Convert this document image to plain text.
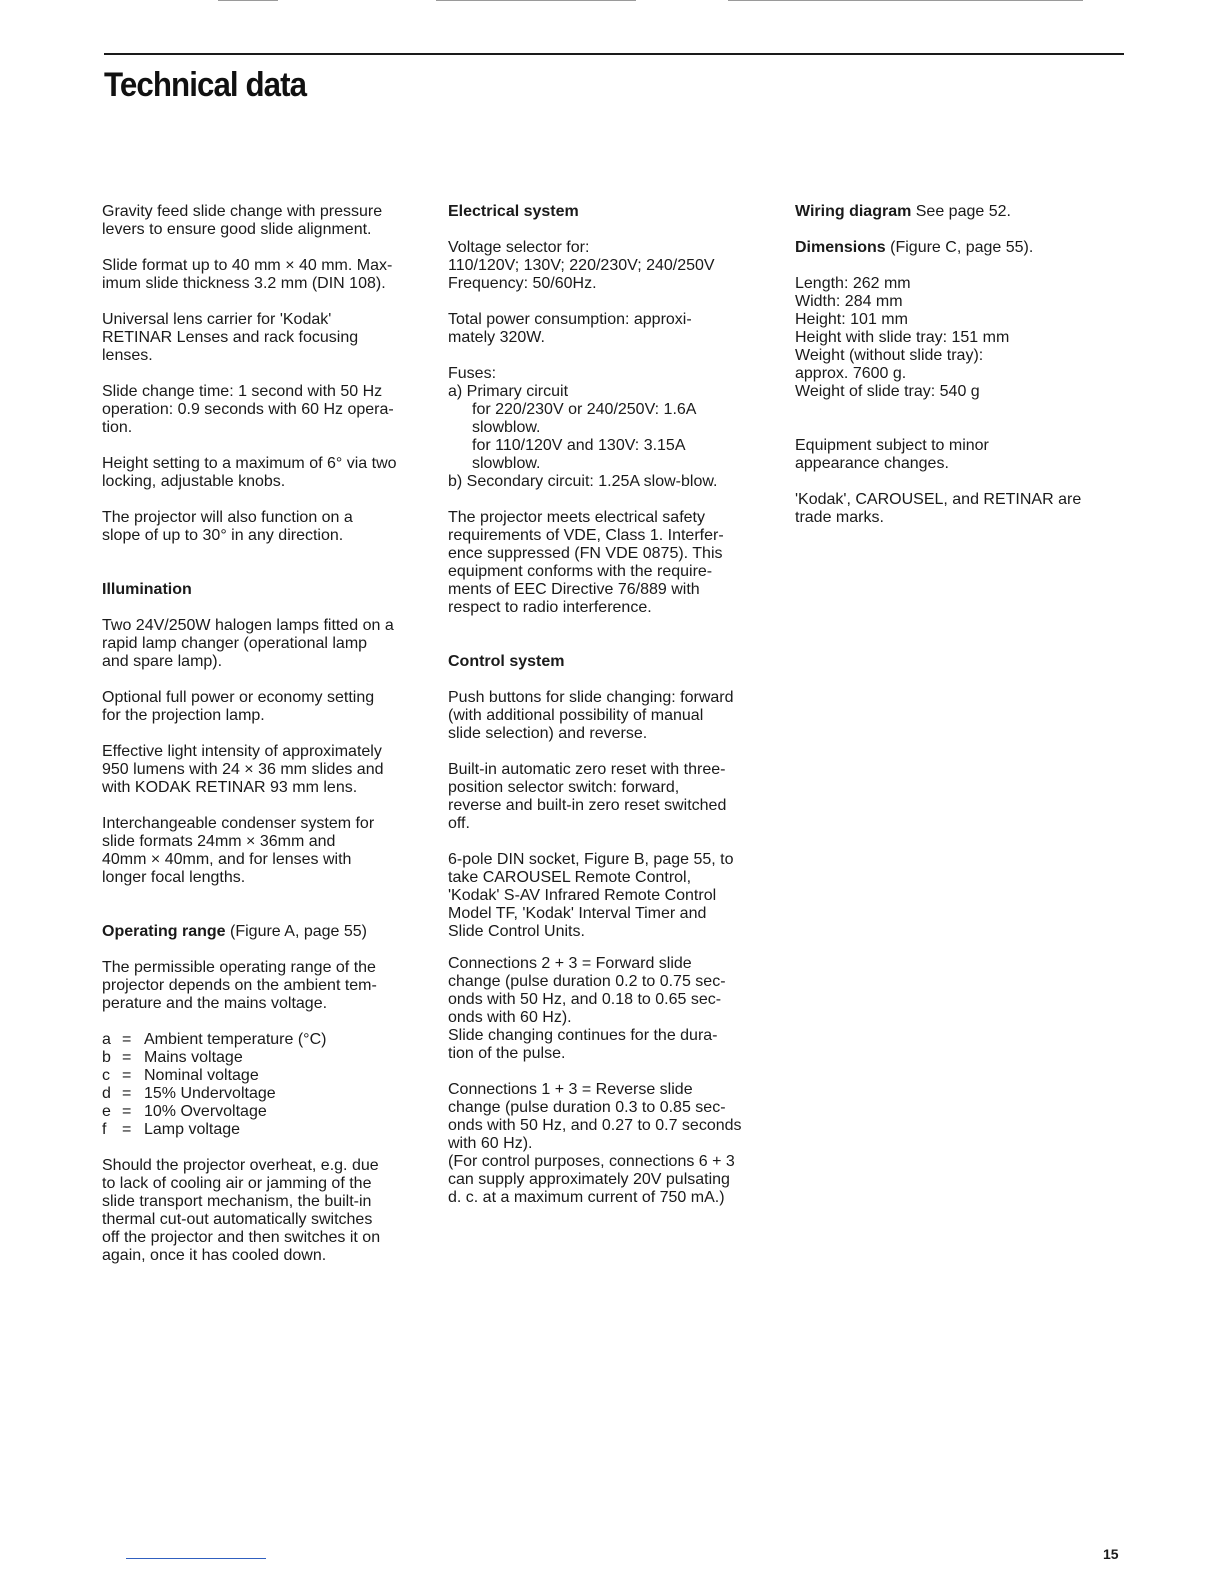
Technical data

Gravity feed slide change with pressure
levers to ensure good slide alignment.

Slide format up to 40 mm × 40 mm. Max-
imum slide thickness 3.2 mm (DIN 108).

Universal lens carrier for 'Kodak'
RETINAR Lenses and rack focusing
lenses.

Slide change time: 1 second with 50 Hz
operation: 0.9 seconds with 60 Hz opera-
tion.

Height setting to a maximum of 6° via two
locking, adjustable knobs.

The projector will also function on a
slope of up to 30° in any direction.

Illumination

Two 24V/250W halogen lamps fitted on a
rapid lamp changer (operational lamp
and spare lamp).

Optional full power or economy setting
for the projection lamp.

Effective light intensity of approximately
950 lumens with 24 × 36 mm slides and
with KODAK RETINAR 93 mm lens.

Interchangeable condenser system for
slide formats 24mm × 36mm and
40mm × 40mm, and for lenses with
longer focal lengths.

Operating range (Figure A, page 55)

The permissible operating range of the
projector depends on the ambient tem-
perature and the mains voltage.

a = Ambient temperature (°C)
b = Mains voltage
c = Nominal voltage
d = 15% Undervoltage
e = 10% Overvoltage
f = Lamp voltage

Should the projector overheat, e.g. due
to lack of cooling air or jamming of the
slide transport mechanism, the built-in
thermal cut-out automatically switches
off the projector and then switches it on
again, once it has cooled down.

Electrical system

Voltage selector for:
110/120V; 130V; 220/230V; 240/250V
Frequency: 50/60Hz.

Total power consumption: approxi-
mately 320W.

Fuses:
a) Primary circuit
for 220/230V or 240/250V: 1.6A
slowblow.
for 110/120V and 130V: 3.15A
slowblow.
b) Secondary circuit: 1.25A slow-blow.

The projector meets electrical safety
requirements of VDE, Class 1. Interfer-
ence suppressed (FN VDE 0875). This
equipment conforms with the require-
ments of EEC Directive 76/889 with
respect to radio interference.

Control system

Push buttons for slide changing: forward
(with additional possibility of manual
slide selection) and reverse.

Built-in automatic zero reset with three-
position selector switch: forward,
reverse and built-in zero reset switched
off.

6-pole DIN socket, Figure B, page 55, to
take CAROUSEL Remote Control,
'Kodak' S-AV Infrared Remote Control
Model TF, 'Kodak' Interval Timer and
Slide Control Units.

Connections 2 + 3 = Forward slide
change (pulse duration 0.2 to 0.75 sec-
onds with 50 Hz, and 0.18 to 0.65 sec-
onds with 60 Hz).
Slide changing continues for the dura-
tion of the pulse.

Connections 1 + 3 = Reverse slide
change (pulse duration 0.3 to 0.85 sec-
onds with 50 Hz, and 0.27 to 0.7 seconds
with 60 Hz).
(For control purposes, connections 6 + 3
can supply approximately 20V pulsating
d. c. at a maximum current of 750 mA.)

Wiring diagram See page 52.

Dimensions (Figure C, page 55).

Length: 262 mm
Width: 284 mm
Height: 101 mm
Height with slide tray: 151 mm
Weight (without slide tray):
approx. 7600 g.
Weight of slide tray: 540 g

Equipment subject to minor
appearance changes.

'Kodak', CAROUSEL, and RETINAR are
trade marks.

15
